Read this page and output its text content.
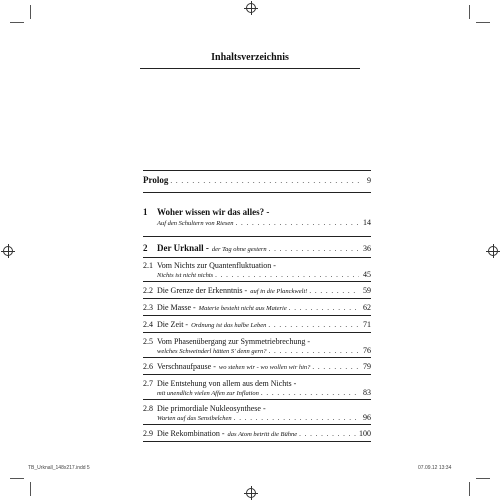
TB_Urknall_148x217.indd 5	07.09.12 13:34
Inhaltsverzeichnis
Prolog . . .	9
1	Woher wissen wir das alles? -
Auf den Schultern von Riesen . . .	14
2	Der Urknall - der Tag ohne gestern . . .	36
2.1 Vom Nichts zur Quantenfluktuation -
Nichts ist nicht nichts . . .	45
2.2 Die Grenze der Erkenntnis - auf in die Planckwelt! . . .	59
2.3 Die Masse - Materie besteht nicht aus Materie . . .	62
2.4 Die Zeit - Ordnung ist das halbe Leben . . .	71
2.5 Vom Phasenübergang zur Symmetriebrechung -
welches Schweinderl hätten S' denn gern? . . .	76
2.6 Verschnaufpause - wo stehen wir - wo wollen wir hin? . . .	79
2.7 Die Entstehung von allem aus dem Nichts -
mit unendlich vielen Affen zur Inflation . . .	83
2.8 Die primordiale Nukleosynthese -
Warten auf das Sensibelchen . . .	96
2.9 Die Rekombination - das Atom betritt die Bühne . . .	100
